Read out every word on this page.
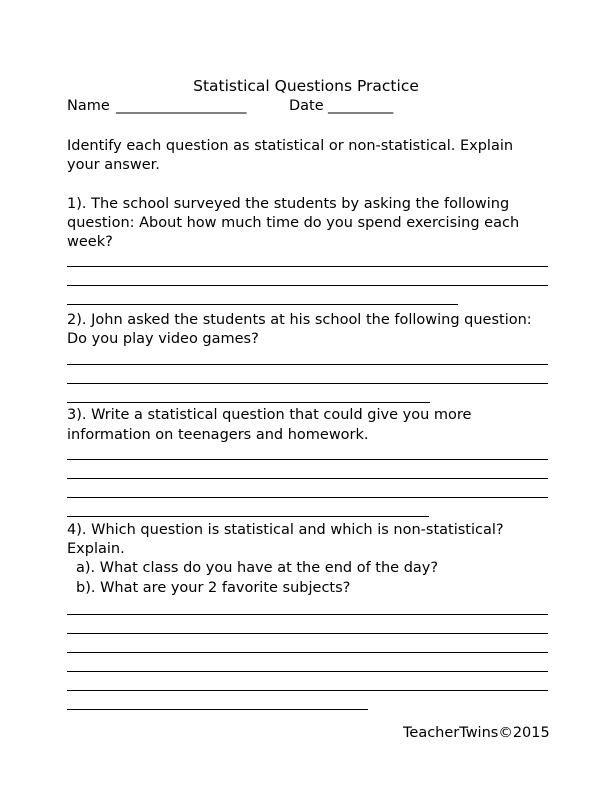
Statistical Questions Practice
Name __________________	Date _________
Identify each question as statistical or non-statistical. Explain
your answer.
1). The school surveyed the students by asking the following
question: About how much time do you spend exercising each
week?
2). John asked the students at his school the following question:
Do you play video games?
3). Write a statistical question that could give you more
information on teenagers and homework.
4). Which question is statistical and which is non-statistical?
Explain.
a). What class do you have at the end of the day?
b). What are your 2 favorite subjects?
TeacherTwins©2015
